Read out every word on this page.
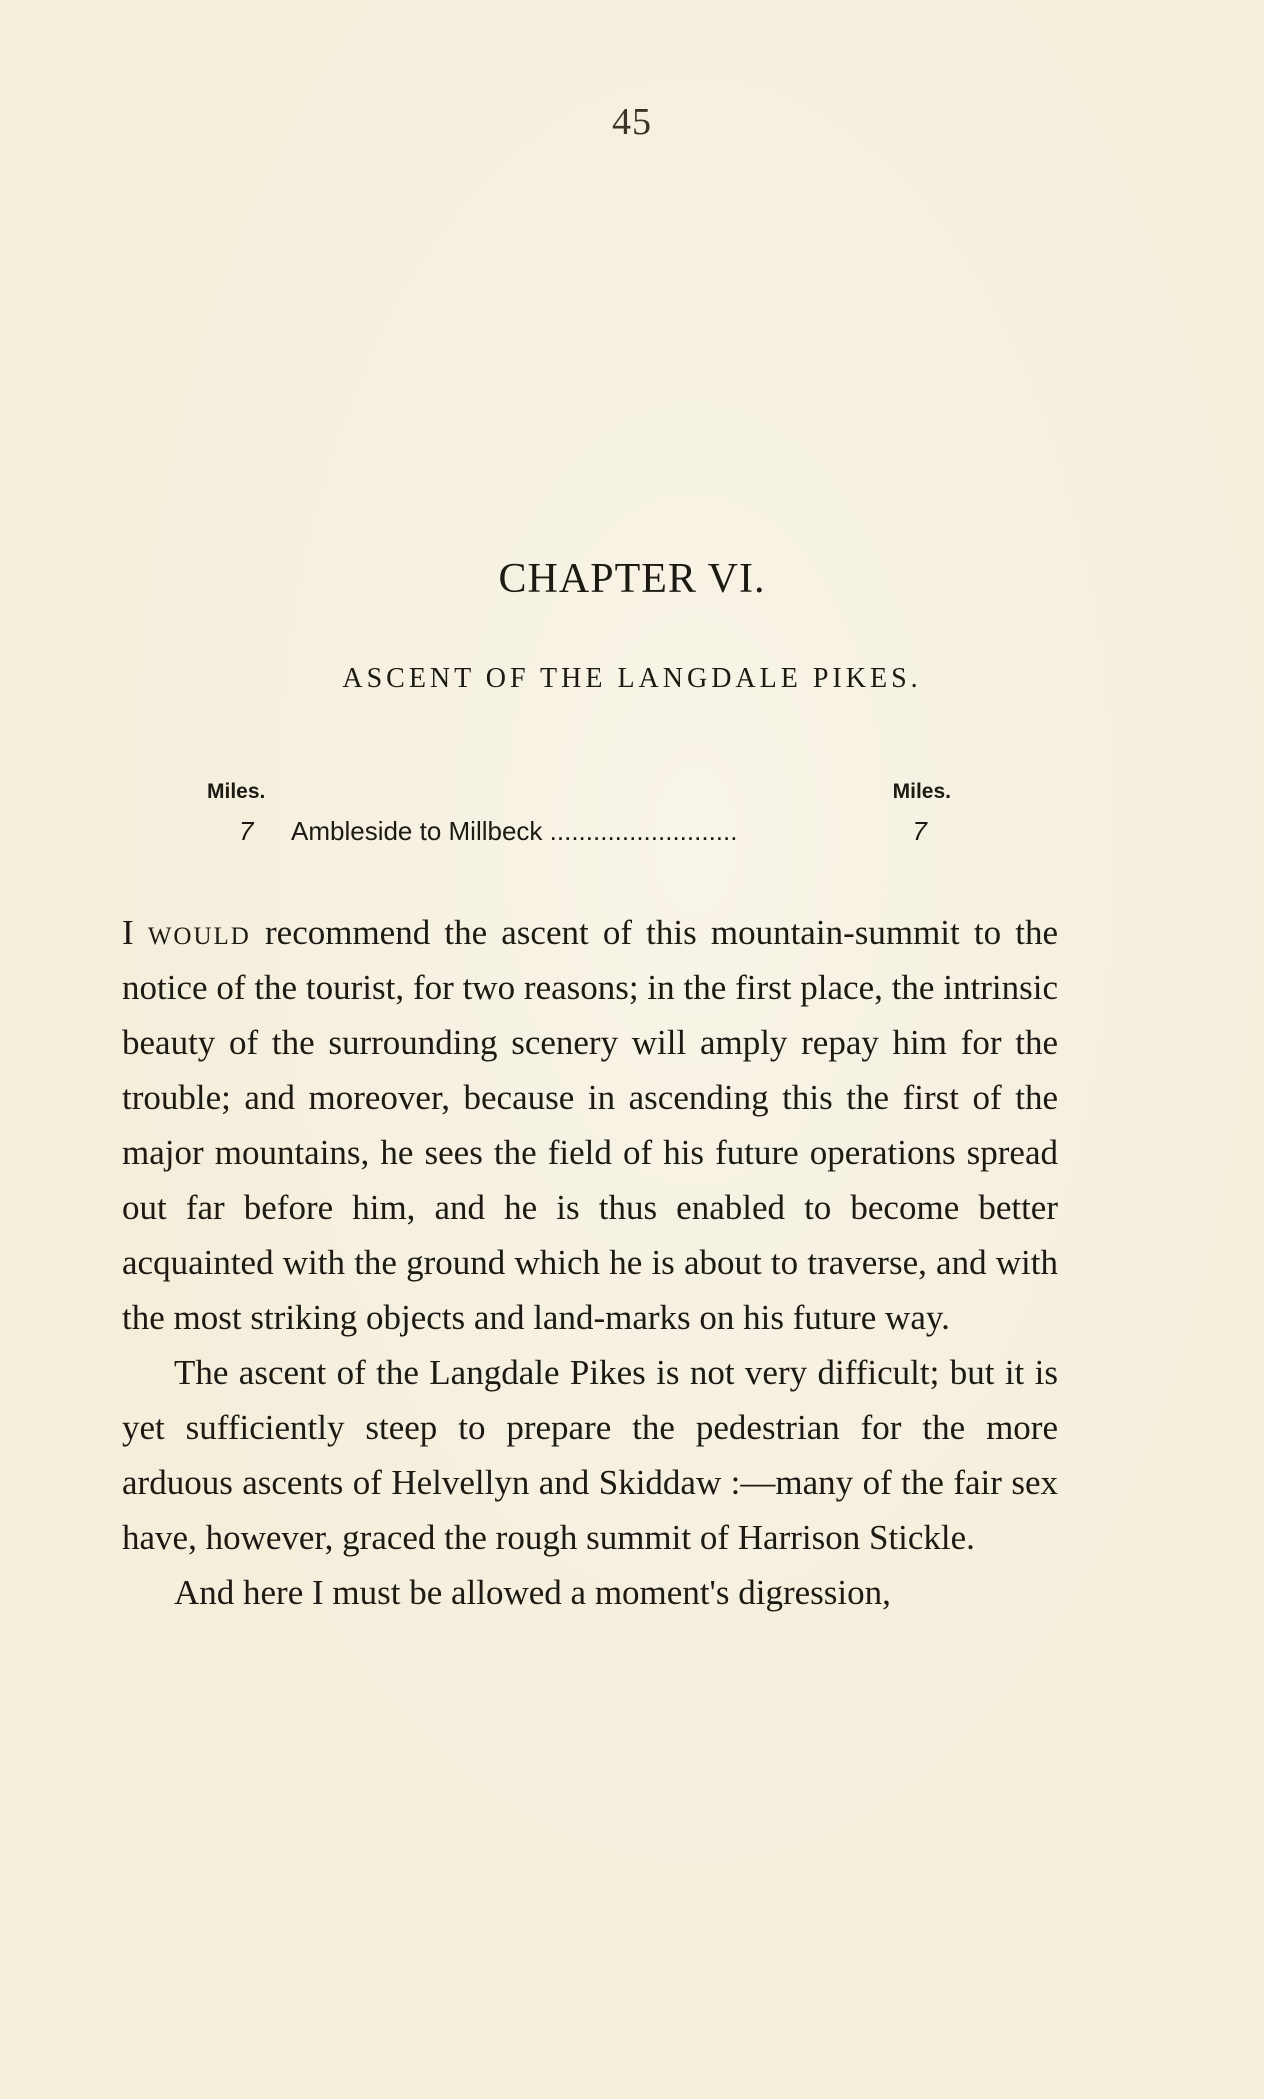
45
CHAPTER VI.
ASCENT OF THE LANGDALE PIKES.
Miles.	Miles.
7	Ambleside to Millbeck ..........................	7

I would recommend the ascent of this mountain-summit to the notice of the tourist, for two reasons; in the first place, the intrinsic beauty of the surrounding scenery will amply repay him for the trouble; and moreover, because in ascending this the first of the major mountains, he sees the field of his future operations spread out far before him, and he is thus enabled to become better acquainted with the ground which he is about to traverse, and with the most striking objects and land-marks on his future way.

The ascent of the Langdale Pikes is not very difficult; but it is yet sufficiently steep to prepare the pedestrian for the more arduous ascents of Helvellyn and Skiddaw :—many of the fair sex have, however, graced the rough summit of Harrison Stickle.

And here I must be allowed a moment's digression,
